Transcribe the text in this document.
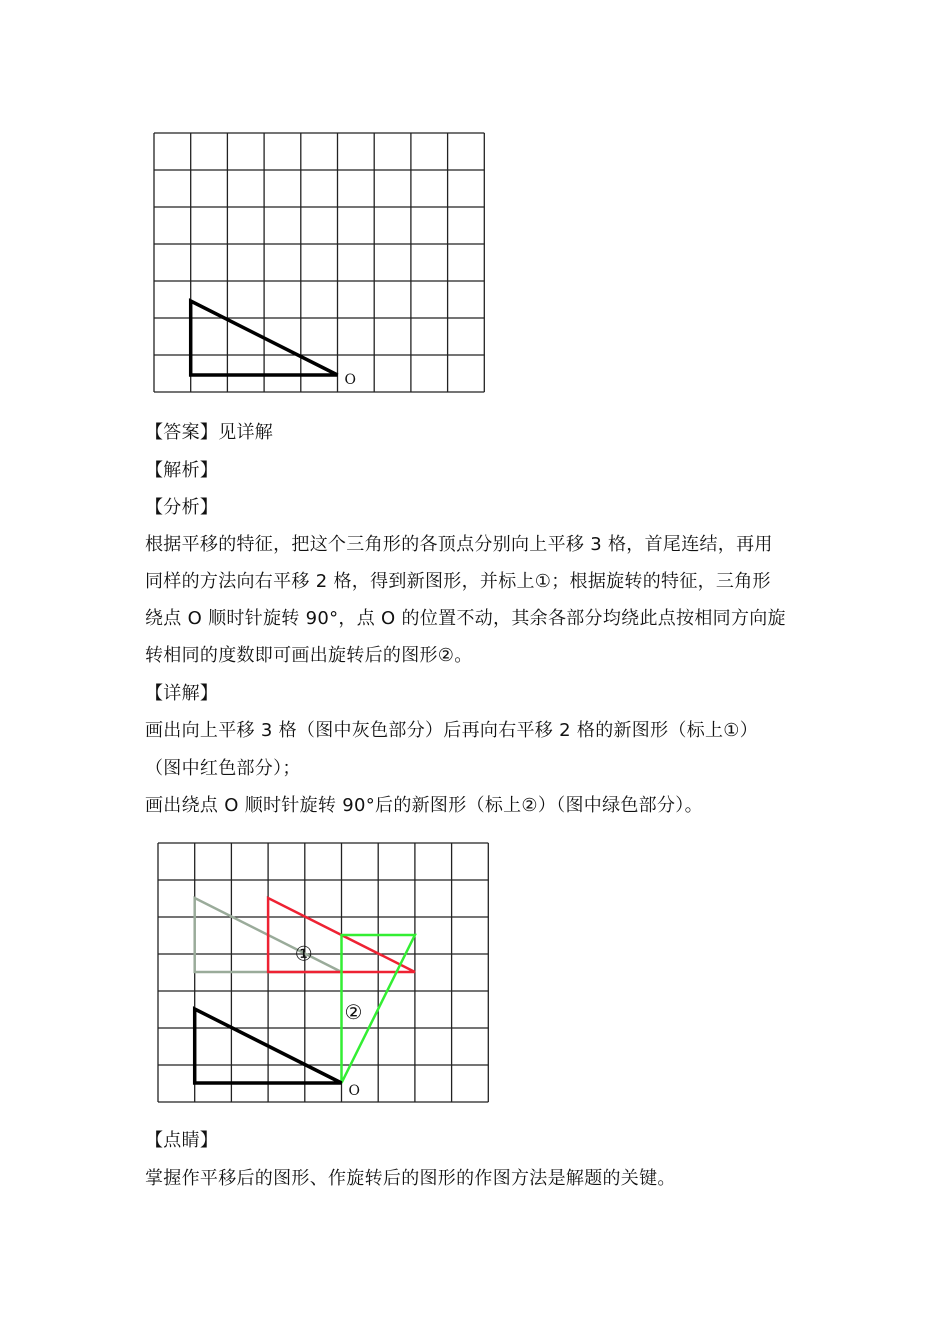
O
O
①
②

【答案】见详解

【解析】

【分析】

根据平移的特征，把这个三角形的各顶点分别向上平移 3 格，首尾连结，再用

同样的方法向右平移 2 格，得到新图形，并标上①；根据旋转的特征，三角形

绕点 O 顺时针旋转 90°，点 O 的位置不动，其余各部分均绕此点按相同方向旋

转相同的度数即可画出旋转后的图形②。

【详解】

画出向上平移 3 格（图中灰色部分）后再向右平移 2 格的新图形（标上①）

（图中红色部分）；

画出绕点 O 顺时针旋转 90°后的新图形（标上②）（图中绿色部分）。

【点睛】

掌握作平移后的图形、作旋转后的图形的作图方法是解题的关键。
